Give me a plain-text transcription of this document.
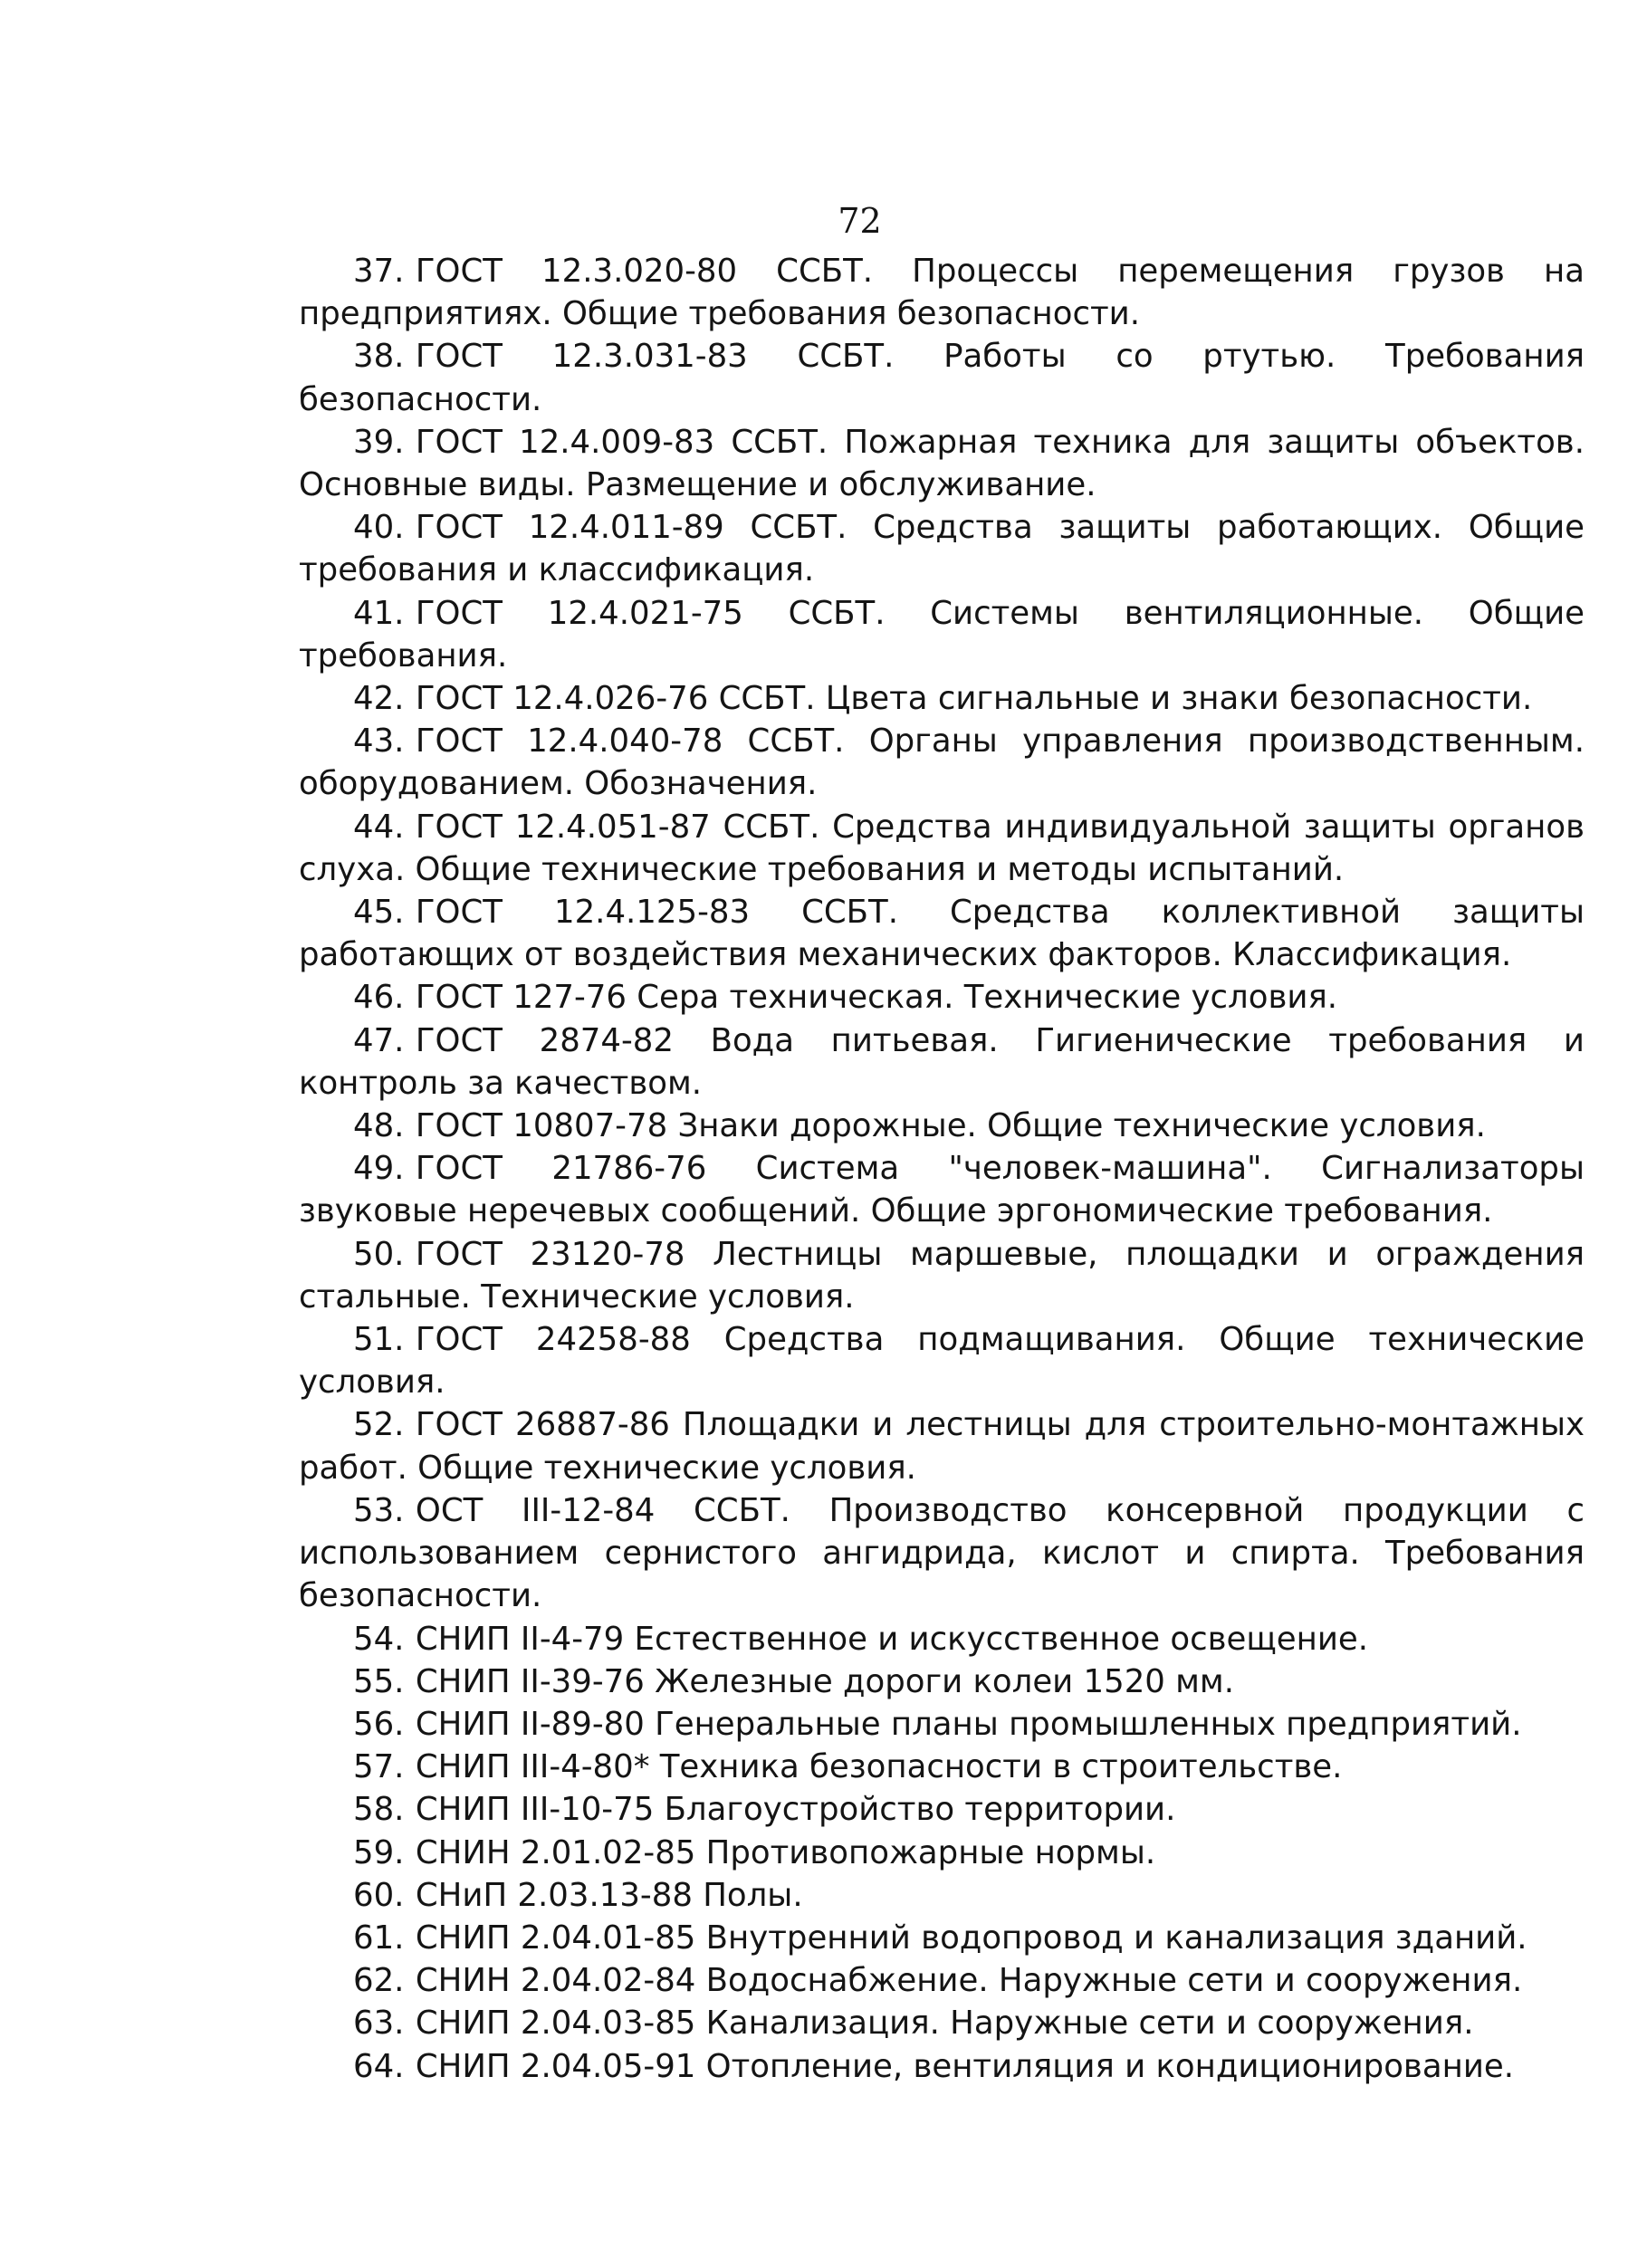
72
37. ГОСТ 12.3.020-80 ССБТ. Процессы перемещения грузов на предприятиях. Общие требования безопасности.
38. ГОСТ 12.3.031-83 ССБТ. Работы со ртутью. Требования безопасности.
39. ГОСТ 12.4.009-83 ССБТ. Пожарная техника для защиты объектов. Основные виды. Размещение и обслуживание.
40. ГОСТ 12.4.011-89 ССБТ. Средства защиты работающих. Общие требования и классификация.
41. ГОСТ 12.4.021-75 ССБТ. Системы вентиляционные. Общие требования.
42. ГОСТ 12.4.026-76 ССБТ. Цвета сигнальные и знаки безопасности.
43. ГОСТ 12.4.040-78 ССБТ. Органы управления производственным. оборудованием. Обозначения.
44. ГОСТ 12.4.051-87 ССБТ. Средства индивидуальной защиты органов слуха. Общие технические требования и методы испытаний.
45. ГОСТ 12.4.125-83 ССБТ. Средства коллективной защиты работающих от воздействия механических факторов. Классификация.
46. ГОСТ 127-76 Сера техническая. Технические условия.
47. ГОСТ 2874-82 Вода питьевая. Гигиенические требования и контроль за качеством.
48. ГОСТ 10807-78 Знаки дорожные. Общие технические условия.
49. ГОСТ 21786-76 Система "человек-машина". Сигнализаторы звуковые неречевых сообщений. Общие эргономические требования.
50. ГОСТ 23120-78 Лестницы маршевые, площадки и ограждения стальные. Технические условия.
51. ГОСТ 24258-88 Средства подмащивания. Общие технические условия.
52. ГОСТ 26887-86 Площадки и лестницы для строительно-монтажных работ. Общие технические условия.
53. ОСТ III-12-84 ССБТ. Производство консервной продукции с использованием сернистого ангидрида, кислот и спирта. Требования безопасности.
54. СНИП II-4-79 Естественное и искусственное освещение.
55. СНИП II-39-76 Железные дороги колеи 1520 мм.
56. СНИП II-89-80 Генеральные планы промышленных предприятий.
57. СНИП III-4-80* Техника безопасности в строительстве.
58. СНИП III-10-75 Благоустройство территории.
59. СНИН 2.01.02-85 Противопожарные нормы.
60. СНиП 2.03.13-88 Полы.
61. СНИП 2.04.01-85 Внутренний водопровод и канализация зданий.
62. СНИН 2.04.02-84 Водоснабжение. Наружные сети и сооружения.
63. СНИП 2.04.03-85 Канализация. Наружные сети и сооружения.
64. СНИП 2.04.05-91 Отопление, вентиляция и кондиционирование.
